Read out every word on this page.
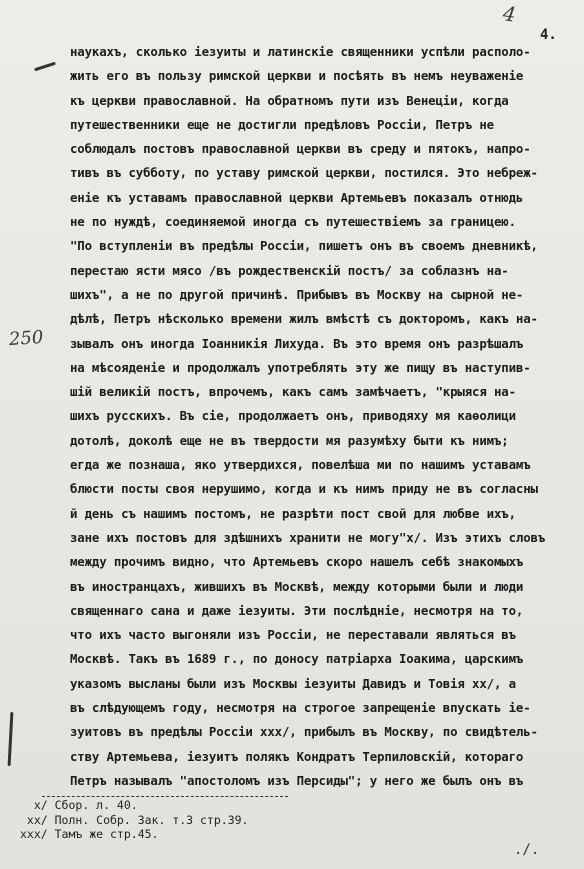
4
4.
250
наукахъ, сколько iезуиты и латинскiе священники успѣли располо-
жить его въ пользу римской церкви и посѣять въ немъ неуваженiе
къ церкви православной. На обратномъ пути изъ Венецiи, когда
путешественники еще не достигли предѣловъ Россiи, Петръ не
соблюдалъ постовъ православной церкви въ среду и пятокъ, напро-
тивъ въ субботу, по уставу римской церкви, постился. Это небреж-
енiе къ уставамъ православной церкви Артемьевъ показалъ отнюдь
не по нуждѣ, соединяемой иногда съ путешествiемъ за границею.
"По вступленiи въ предѣлы Россiи, пишетъ онъ въ своемъ дневникѣ,
перестаю ясти мясо /въ рождественскiй постъ/ за соблазнъ на-
шихъ", а не по другой причинѣ. Прибывъ въ Москву на сырной не-
дѣлѣ, Петръ нѣсколько времени жилъ вмѣстѣ съ докторомъ, какъ на-
зывалъ онъ иногда Iоанникiя Лихуда. Въ это время онъ разрѣшалъ
на мѣсояденiе и продолжалъ употреблять эту же пищу въ наступив-
шiй великiй постъ, впрочемъ, какъ самъ замѣчаетъ, "крыяся на-
шихъ русскихъ. Въ сiе, продолжаетъ онъ, приводяху мя каѳолици
дотолѣ, доколѣ еще не въ твердости мя разумѣху быти къ нимъ;
егда же познаша, яко утвердихся, повелѣша ми по нашимъ уставамъ
блюсти посты своя нерушимо, когда и къ нимъ приду не въ согласны
й день съ нашимъ постомъ, не разрѣти пост свой для любве ихъ,
зане ихъ постовъ для здѣшнихъ хранити не могу"х/. Изъ этихъ словъ
между прочимъ видно, что Артемьевъ скоро нашелъ себѣ знакомыхъ
въ иностранцахъ, жившихъ въ Москвѣ, между которыми были и люди
священнаго сана и даже iезуиты. Эти послѣднiе, несмотря на то,
что ихъ часто выгоняли изъ Россiи, не переставали являться въ
Москвѣ. Такъ въ 1689 г., по доносу патрiарха Iоакима, царскимъ
указомъ высланы были изъ Москвы iезуиты Давидъ и Товiя хх/, а
въ слѣдующемъ году, несмотря на строгое запрещенiе впускать iе-
зуитовъ въ предѣлы Россiи ххх/, прибылъ въ Москву, по свидѣтель-
ству Артемьева, iезуитъ полякъ Кондратъ Терпиловскiй, котораго
Петръ называлъ "апостоломъ изъ Персиды"; у него же былъ онъ въ
х/ Сбор. л. 40.
хх/ Полн. Собр. Зак. т.3 стр.39.
ххх/ Тамъ же стр.45.
./.
